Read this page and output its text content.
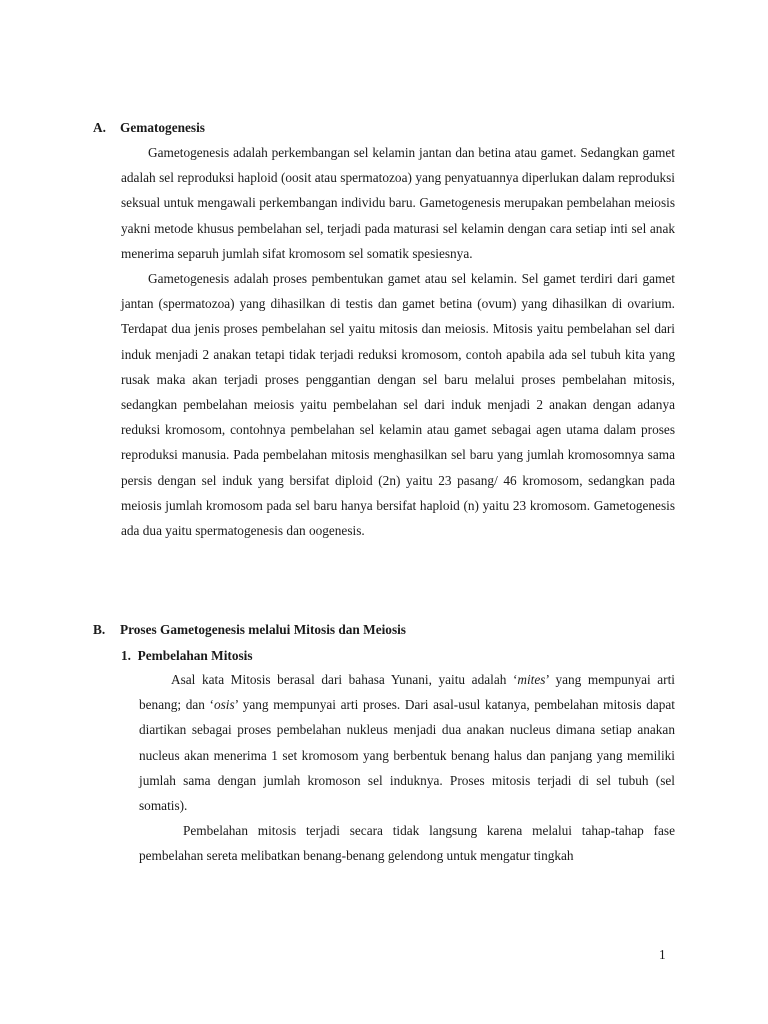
A. Gematogenesis

Gametogenesis adalah perkembangan sel kelamin jantan dan betina atau gamet. Sedangkan gamet adalah sel reproduksi haploid (oosit atau spermatozoa) yang penyatuannya diperlukan dalam reproduksi seksual untuk mengawali perkembangan individu baru. Gametogenesis merupakan pembelahan meiosis yakni metode khusus pembelahan sel, terjadi pada maturasi sel kelamin dengan cara setiap inti sel anak menerima separuh jumlah sifat kromosom sel somatik spesiesnya.

Gametogenesis adalah proses pembentukan gamet atau sel kelamin. Sel gamet terdiri dari gamet jantan (spermatozoa) yang dihasilkan di testis dan gamet betina (ovum) yang dihasilkan di ovarium. Terdapat dua jenis proses pembelahan sel yaitu mitosis dan meiosis. Mitosis yaitu pembelahan sel dari induk menjadi 2 anakan tetapi tidak terjadi reduksi kromosom, contoh apabila ada sel tubuh kita yang rusak maka akan terjadi proses penggantian dengan sel baru melalui proses pembelahan mitosis, sedangkan pembelahan meiosis yaitu pembelahan sel dari induk menjadi 2 anakan dengan adanya reduksi kromosom, contohnya pembelahan sel kelamin atau gamet sebagai agen utama dalam proses reproduksi manusia. Pada pembelahan mitosis menghasilkan sel baru yang jumlah kromosomnya sama persis dengan sel induk yang bersifat diploid (2n) yaitu 23 pasang/ 46 kromosom, sedangkan pada meiosis jumlah kromosom pada sel baru hanya bersifat haploid (n) yaitu 23 kromosom. Gametogenesis ada dua yaitu spermatogenesis dan oogenesis.

B. Proses Gametogenesis melalui Mitosis dan Meiosis
1. Pembelahan Mitosis

Asal kata Mitosis berasal dari bahasa Yunani, yaitu adalah ‘mites’ yang mempunyai arti benang; dan ‘osis’ yang mempunyai arti proses. Dari asal-usul katanya, pembelahan mitosis dapat diartikan sebagai proses pembelahan nukleus menjadi dua anakan nucleus dimana setiap anakan nucleus akan menerima 1 set kromosom yang berbentuk benang halus dan panjang yang memiliki jumlah sama dengan jumlah kromoson sel induknya. Proses mitosis terjadi di sel tubuh (sel somatis).

Pembelahan mitosis terjadi secara tidak langsung karena melalui tahap-tahap fase pembelahan sereta melibatkan benang-benang gelendong untuk mengatur tingkah

1
